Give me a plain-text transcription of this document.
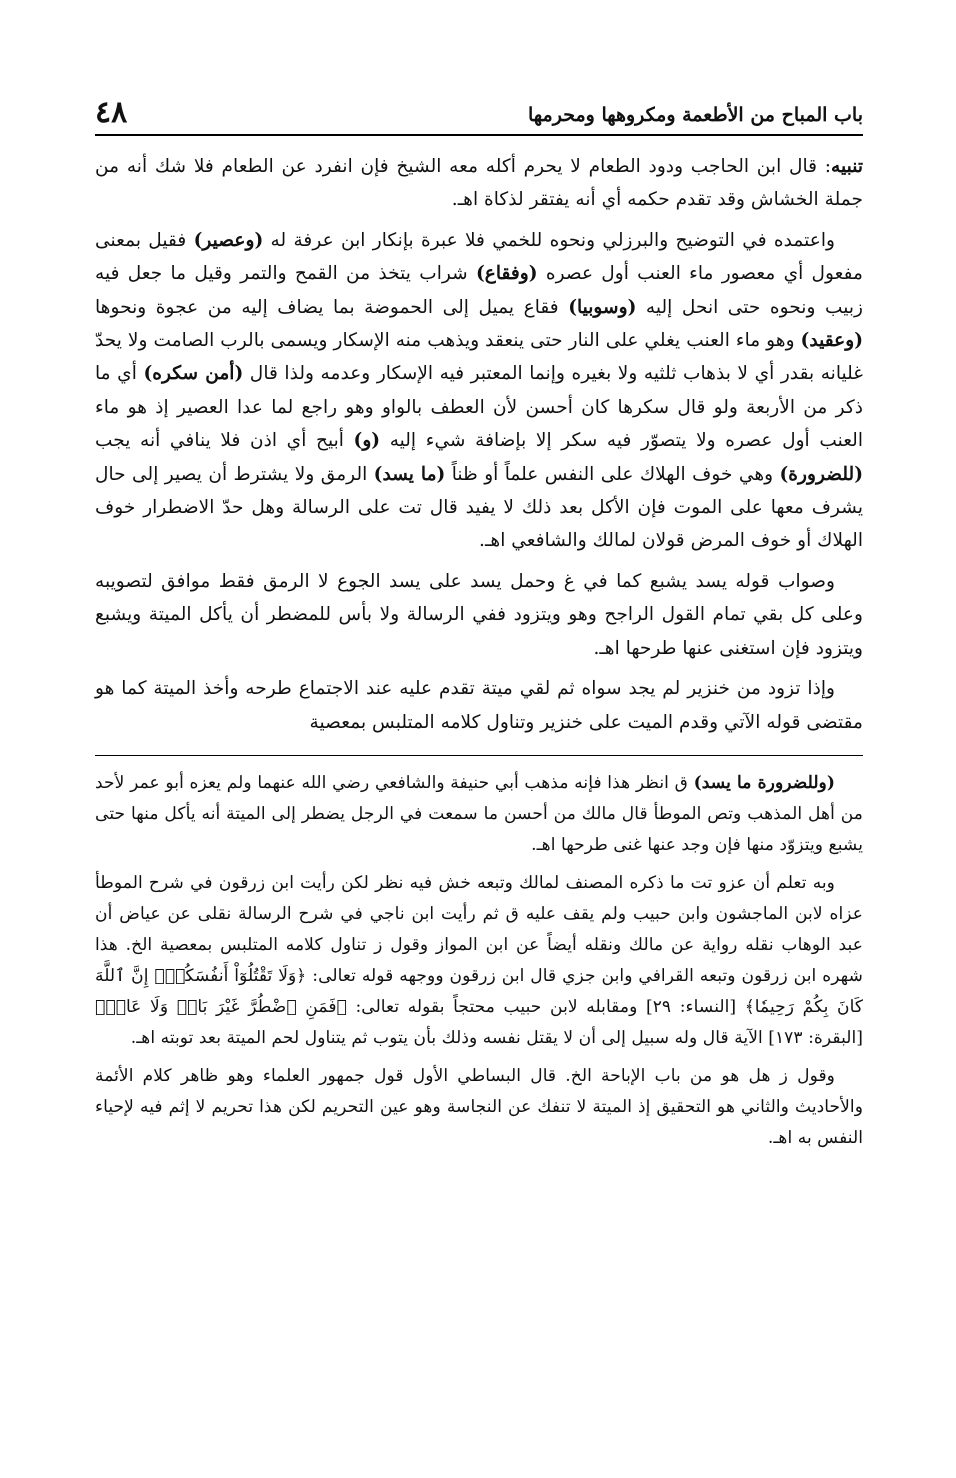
باب المباح من الأطعمة ومكروهها ومحرمها
٤٨

تنبيه: قال ابن الحاجب ودود الطعام لا يحرم أكله معه الشيخ فإن انفرد عن الطعام فلا شك أنه من جملة الخشاش وقد تقدم حكمه أي أنه يفتقر لذكاة اهـ.

واعتمده في التوضيح والبرزلي ونحوه للخمي فلا عبرة بإنكار ابن عرفة له (وعصير) فقيل بمعنى مفعول أي معصور ماء العنب أول عصره (وفقاع) شراب يتخذ من القمح والتمر وقيل ما جعل فيه زبيب ونحوه حتى انحل إليه (وسوبيا) فقاع يميل إلى الحموضة بما يضاف إليه من عجوة ونحوها (وعقيد) وهو ماء العنب يغلي على النار حتى ينعقد ويذهب منه الإسكار ويسمى بالرب الصامت ولا يحدّ غليانه بقدر أي لا بذهاب ثلثيه ولا بغيره وإنما المعتبر فيه الإسكار وعدمه ولذا قال (أمن سكره) أي ما ذكر من الأربعة ولو قال سكرها كان أحسن لأن العطف بالواو وهو راجع لما عدا العصير إذ هو ماء العنب أول عصره ولا يتصوّر فيه سكر إلا بإضافة شيء إليه (و) أبيح أي اذن فلا ينافي أنه يجب (للضرورة) وهي خوف الهلاك على النفس علماً أو ظناً (ما يسد) الرمق ولا يشترط أن يصير إلى حال يشرف معها على الموت فإن الأكل بعد ذلك لا يفيد قال تت على الرسالة وهل حدّ الاضطرار خوف الهلاك أو خوف المرض قولان لمالك والشافعي اهـ.

وصواب قوله يسد يشبع كما في غ وحمل يسد على يسد الجوع لا الرمق فقط موافق لتصويبه وعلى كل بقي تمام القول الراجح وهو ويتزود ففي الرسالة ولا بأس للمضطر أن يأكل الميتة ويشبع ويتزود فإن استغنى عنها طرحها اهـ.

وإذا تزود من خنزير لم يجد سواه ثم لقي ميتة تقدم عليه عند الاجتماع طرحه وأخذ الميتة كما هو مقتضى قوله الآتي وقدم الميت على خنزير وتناول كلامه المتلبس بمعصية

(وللضرورة ما يسد) ق انظر هذا فإنه مذهب أبي حنيفة والشافعي رضي الله عنهما ولم يعزه أبو عمر لأحد من أهل المذهب وتص الموطأ قال مالك من أحسن ما سمعت في الرجل يضطر إلى الميتة أنه يأكل منها حتى يشبع ويتزوّد منها فإن وجد عنها غنى طرحها اهـ.

وبه تعلم أن عزو تت ما ذكره المصنف لمالك وتبعه خش فيه نظر لكن رأيت ابن زرقون في شرح الموطأ عزاه لابن الماجشون وابن حبيب ولم يقف عليه ق ثم رأيت ابن ناجي في شرح الرسالة نقلى عن عياض أن عبد الوهاب نقله رواية عن مالك ونقله أيضاً عن ابن المواز وقول ز تناول كلامه المتلبس بمعصية الخ. هذا شهره ابن زرقون وتبعه القرافي وابن جزي قال ابن زرقون ووجهه قوله تعالى: ﴿وَلَا تَقْتُلُوٓاْ أَنفُسَكُمْۚ إِنَّ ٱللَّهَ كَانَ بِكُمْ رَحِيمٗا﴾ [النساء: ٢٩] ومقابله لابن حبيب محتجاً بقوله تعالى: ﴿فَمَنِ ٱضْطُرَّ غَيْرَ بَاغٖ وَلَا عَادٖ﴾ [البقرة: ١٧٣] الآية قال وله سبيل إلى أن لا يقتل نفسه وذلك بأن يتوب ثم يتناول لحم الميتة بعد توبته اهـ.

وقول ز هل هو من باب الإباحة الخ. قال البساطي الأول قول جمهور العلماء وهو ظاهر كلام الأئمة والأحاديث والثاني هو التحقيق إذ الميتة لا تنفك عن النجاسة وهو عين التحريم لكن هذا تحريم لا إثم فيه لإحياء النفس به اهـ.
